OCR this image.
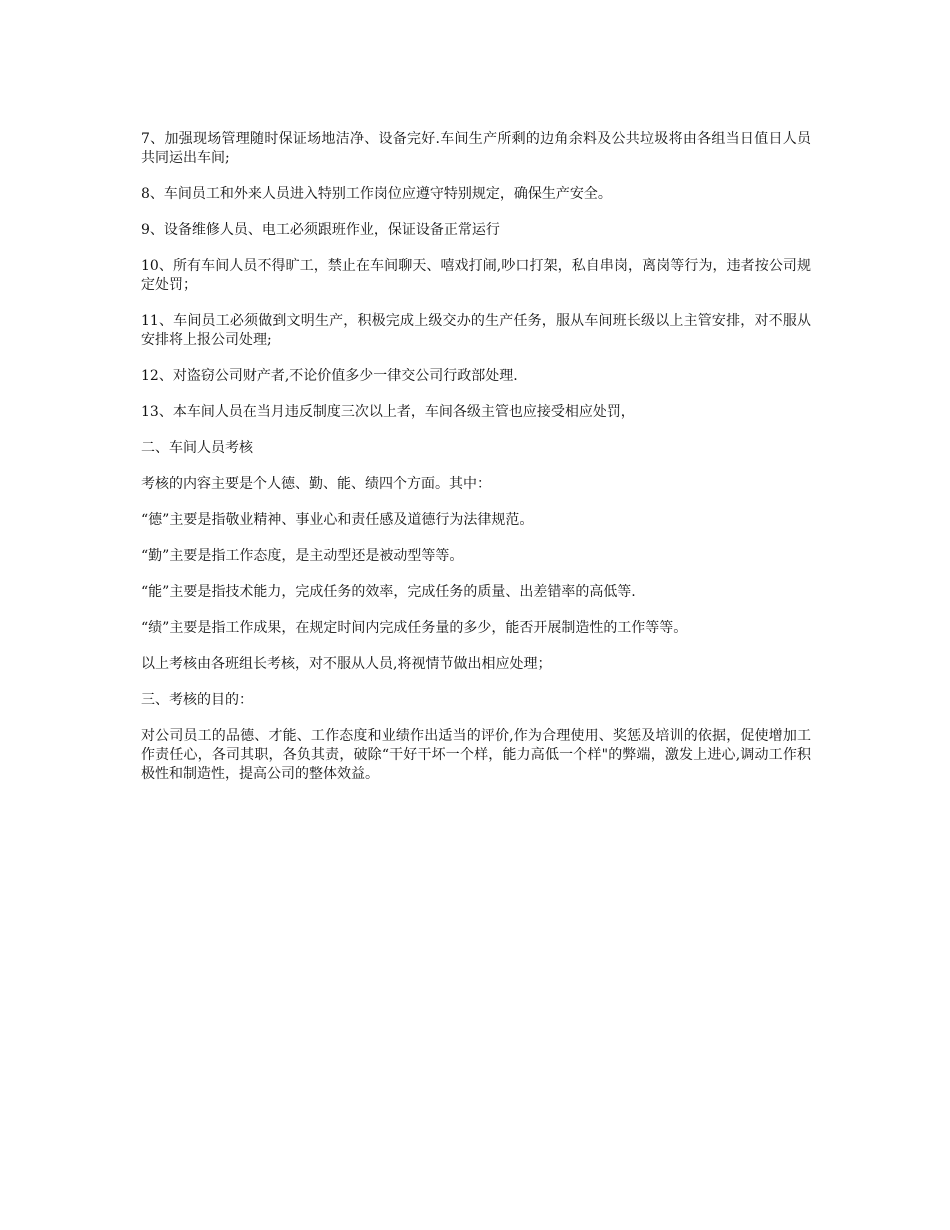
7、加强现场管理随时保证场地洁净、设备完好.车间生产所剩的边角余料及公共垃圾将由各组当日值日人员共同运出车间;

8、车间员工和外来人员进入特别工作岗位应遵守特别规定，确保生产安全。

9、设备维修人员、电工必须跟班作业，保证设备正常运行

10、所有车间人员不得旷工，禁止在车间聊天、嘻戏打闹,吵口打架，私自串岗，离岗等行为，违者按公司规定处罚；

11、车间员工必须做到文明生产，积极完成上级交办的生产任务，服从车间班长级以上主管安排，对不服从安排将上报公司处理;

12、对盗窃公司财产者,不论价值多少一律交公司行政部处理.

13、本车间人员在当月违反制度三次以上者，车间各级主管也应接受相应处罚，

二、车间人员考核

考核的内容主要是个人德、勤、能、绩四个方面。其中：

“德”主要是指敬业精神、事业心和责任感及道德行为法律规范。

“勤”主要是指工作态度，是主动型还是被动型等等。

“能”主要是指技术能力，完成任务的效率，完成任务的质量、出差错率的高低等.

“绩”主要是指工作成果，在规定时间内完成任务量的多少，能否开展制造性的工作等等。

以上考核由各班组长考核，对不服从人员,将视情节做出相应处理；

三、考核的目的：

对公司员工的品德、才能、工作态度和业绩作出适当的评价,作为合理使用、奖惩及培训的依据，促使增加工作责任心，各司其职，各负其责，破除“干好干坏一个样，能力高低一个样"的弊端，激发上进心,调动工作积极性和制造性，提高公司的整体效益。
